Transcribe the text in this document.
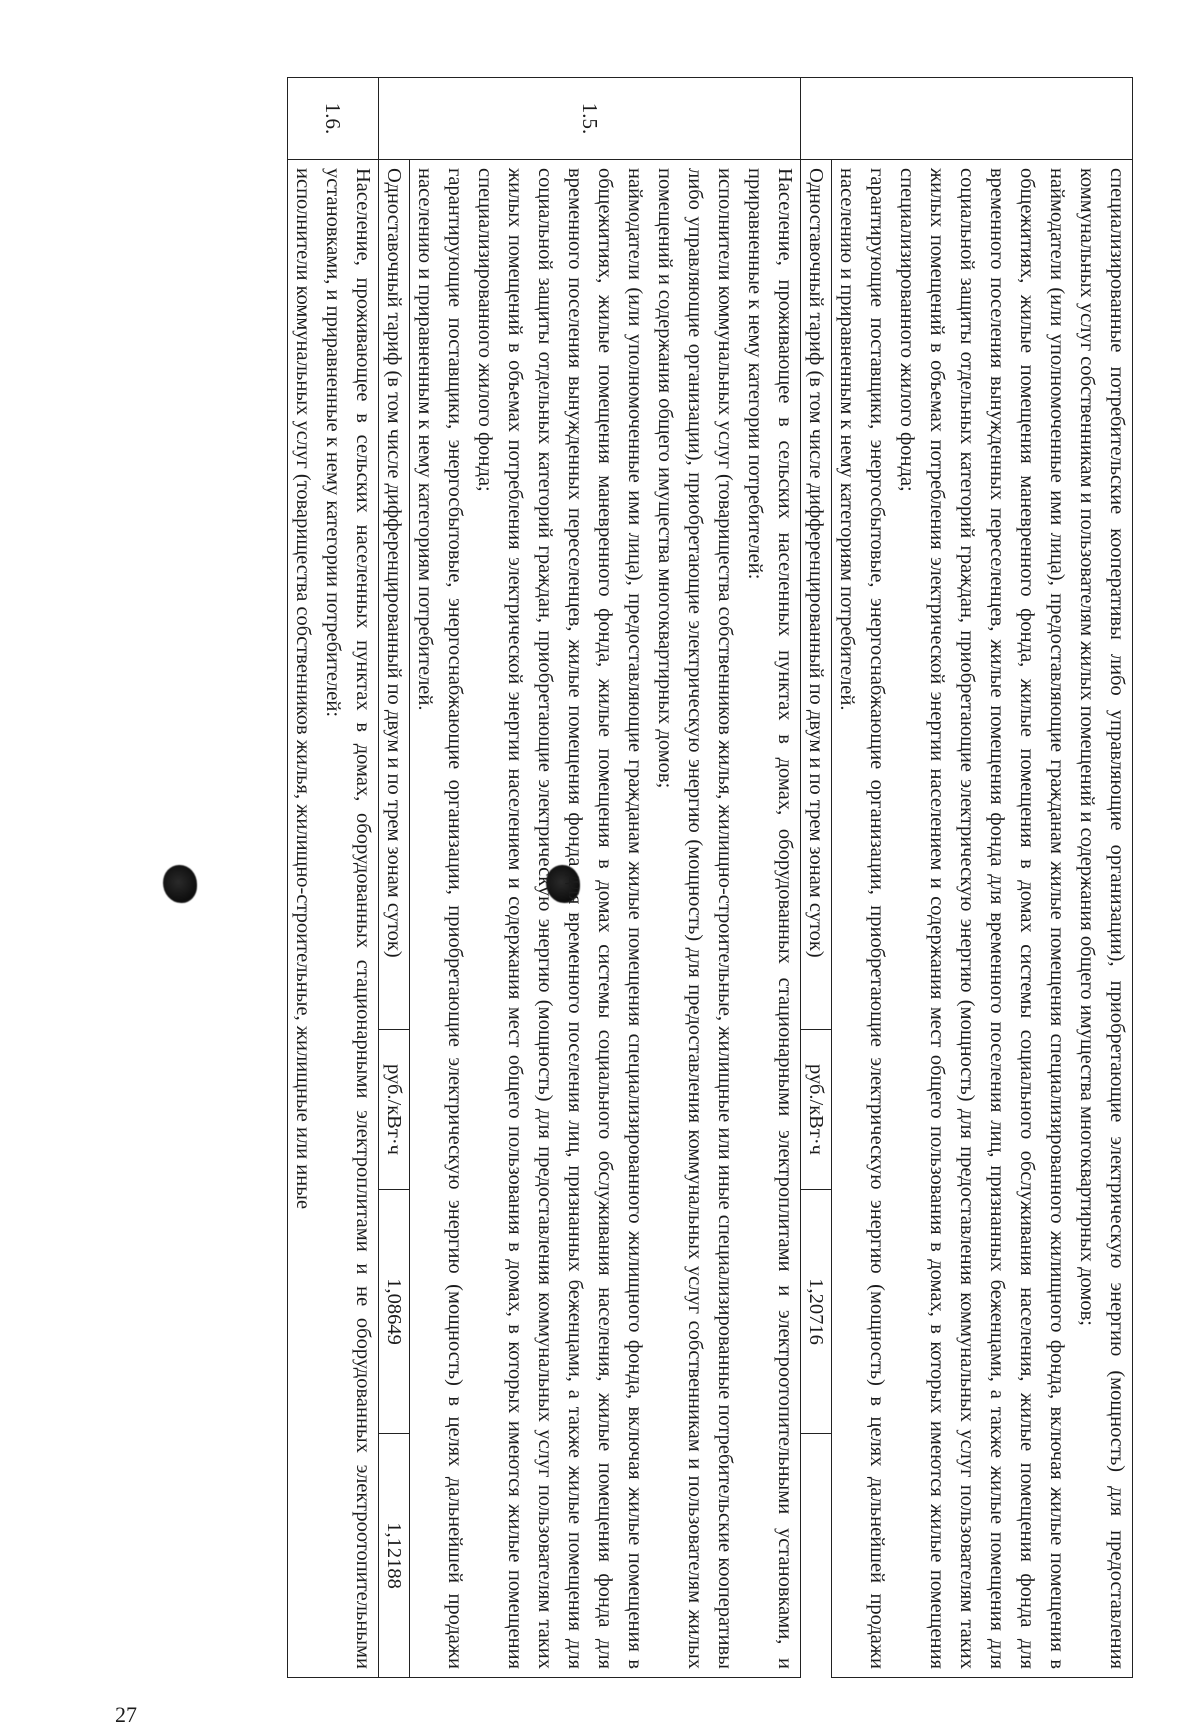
27

	специализированные потребительские кооперативы либо управляющие организации), приобретающие электрическую энергию (мощность) для предоставления коммунальных услуг собственникам и пользователям жилых помещений и содержания общего имущества многоквартирных домов;

наймодатели (или уполномоченные ими лица), предоставляющие гражданам жилые помещения специализированного жилищного фонда, включая жилые помещения в общежитиях, жилые помещения маневренного фонда, жилые помещения в домах системы социального обслуживания населения, жилые помещения фонда для временного поселения вынужденных переселенцев, жилые помещения фонда для временного поселения лиц, признанных беженцами, а также жилые помещения для социальной защиты отдельных категорий граждан, приобретающие электрическую энергию (мощность) для предоставления коммунальных услуг пользователям таких жилых помещений в объемах потребления электрической энергии населением и содержания мест общего пользования в домах, в которых имеются жилые помещения специализированного жилого фонда;

гарантирующие поставщики, энергосбытовые, энергоснабжающие организации, приобретающие электрическую энергию (мощность) в целях дальнейшей продажи населению и приравненным к нему категориям потребителей.			

	Одноставочный тариф (в том числе дифференцированный по двум и по трем зонам суток)	руб./кВт·ч	1,20716	
1.5.	Население, проживающее в сельских населенных пунктах в домах, оборудованных стационарными электроплитами и электроотопительными установками, и приравненные к нему категории потребителей:

исполнители коммунальных услуг (товарищества собственников жилья, жилищно-строительные, жилищные или иные специализированные потребительские кооперативы либо управляющие организации), приобретающие электрическую энергию (мощность) для предоставления коммунальных услуг собственникам и пользователям жилых помещений и содержания общего имущества многоквартирных домов;

наймодатели (или уполномоченные ими лица), предоставляющие гражданам жилые помещения специализированного жилищного фонда, включая жилые помещения в общежитиях, жилые помещения маневренного фонда, жилые помещения в домах системы социального обслуживания населения, жилые помещения фонда для временного поселения вынужденных переселенцев, жилые помещения фонда для временного поселения лиц, признанных беженцами, а также жилые помещения для социальной защиты отдельных категорий граждан, приобретающие электрическую энергию (мощность) для предоставления коммунальных услуг пользователям таких жилых помещений в объемах потребления электрической энергии населением и содержания мест общего пользования в домах, в которых имеются жилые помещения специализированного жилого фонда;

гарантирующие поставщики, энергосбытовые, энергоснабжающие организации, приобретающие электрическую энергию (мощность) в целях дальнейшей продажи населению и приравненным к нему категориям потребителей.			

	Одноставочный тариф (в том числе дифференцированный по двум и по трем зонам суток)	руб./кВт·ч	1,08649	1,12188
1.6.	Население, проживающее в сельских населенных пунктах в домах, оборудованных стационарными электроплитами и не оборудованных электроотопительными установками, и приравненные к нему категории потребителей:

исполнители коммунальных услуг (товарищества собственников жилья, жилищно-строительные, жилищные или иные			
